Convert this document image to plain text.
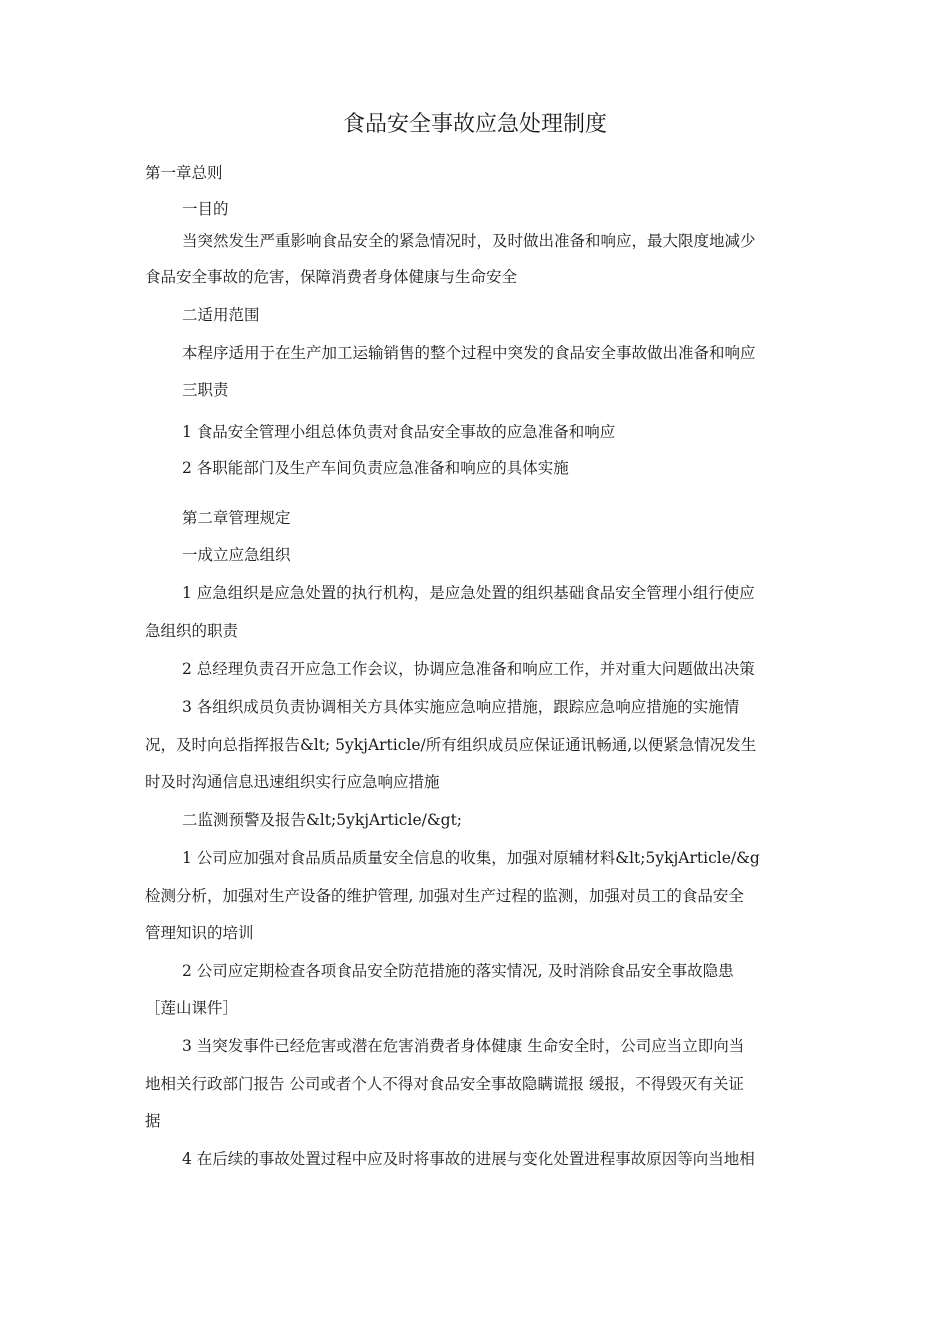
食品安全事故应急处理制度
第一章总则
一目的
当突然发生严重影响食品安全的紧急情况时，及时做出准备和响应，最大限度地减少
食品安全事故的危害，保障消费者身体健康与生命安全
二适用范围
本程序适用于在生产加工运输销售的整个过程中突发的食品安全事故做出准备和响应
三职责
1 食品安全管理小组总体负责对食品安全事故的应急准备和响应
2 各职能部门及生产车间负责应急准备和响应的具体实施
第二章管理规定
一成立应急组织
1 应急组织是应急处置的执行机构，是应急处置的组织基础食品安全管理小组行使应
急组织的职责
2 总经理负责召开应急工作会议，协调应急准备和响应工作，并对重大问题做出决策
3 各组织成员负责协调相关方具体实施应急响应措施，跟踪应急响应措施的实施情
况，及时向总指挥报告&lt; 5ykjArticle/所有组织成员应保证通讯畅通,以便紧急情况发生
时及时沟通信息迅速组织实行应急响应措施
二监测预警及报告&lt;5ykjArticle/&gt;
1 公司应加强对食品质品质量安全信息的收集，加强对原辅材料&lt;5ykjArticle/&g
检测分析，加强对生产设备的维护管理, 加强对生产过程的监测，加强对员工的食品安全
管理知识的培训
2 公司应定期检查各项食品安全防范措施的落实情况, 及时消除食品安全事故隐患
［莲山课件］
3 当突发事件已经危害或潜在危害消费者身体健康 生命安全时，公司应当立即向当
地相关行政部门报告 公司或者个人不得对食品安全事故隐瞒谎报 缓报，不得毁灭有关证
据
4 在后续的事故处置过程中应及时将事故的进展与变化处置进程事故原因等向当地相
